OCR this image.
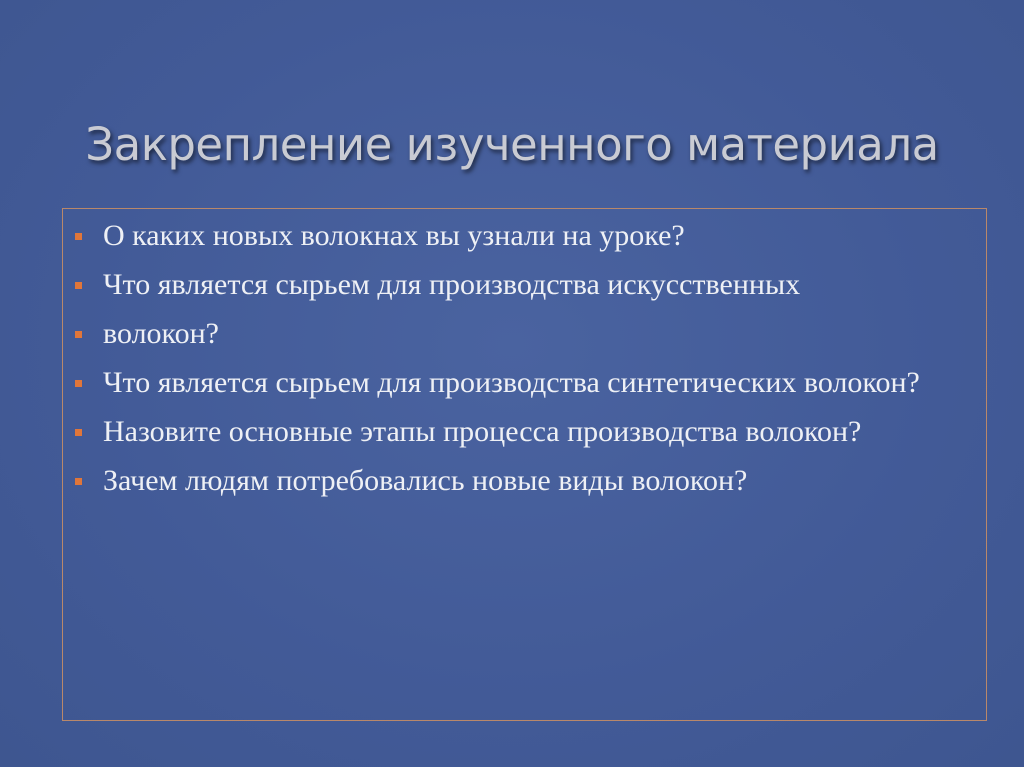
Закрепление изученного материала
О каких новых волокнах вы узнали на уроке?
Что является сырьем для производства искусственных
волокон?
Что является сырьем для производства синтетических волокон?
Назовите основные этапы процесса производства волокон?
Зачем людям потребовались новые виды волокон?
